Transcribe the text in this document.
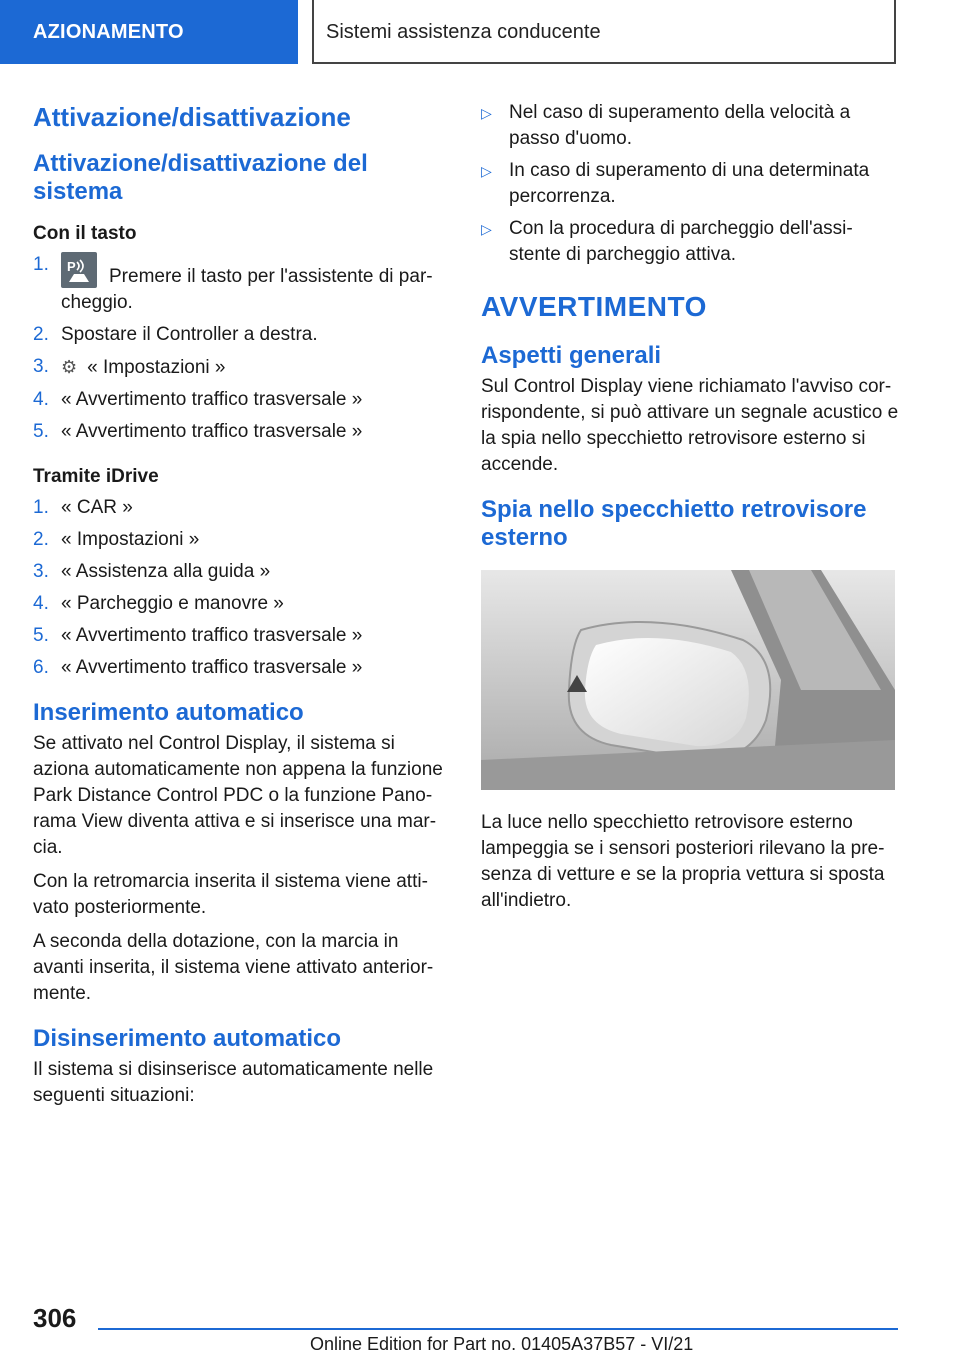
AZIONAMENTO	Sistemi assistenza conducente
Attivazione/disattivazione
Attivazione/disattivazione del sistema
Con il tasto
1. P Premere il tasto per l'assistente di par-cheggio.
2. Spostare il Controller a destra.
3. ⚙ « Impostazioni »
4. « Avvertimento traffico trasversale »
5. « Avvertimento traffico trasversale »
Tramite iDrive
1. « CAR »
2. « Impostazioni »
3. « Assistenza alla guida »
4. « Parcheggio e manovre »
5. « Avvertimento traffico trasversale »
6. « Avvertimento traffico trasversale »
Inserimento automatico

Se attivato nel Control Display, il sistema si aziona automaticamente non appena la funzione Park Distance Control PDC o la funzione Pano-rama View diventa attiva e si inserisce una mar-cia.

Con la retromarcia inserita il sistema viene atti-vato posteriormente.

A seconda della dotazione, con la marcia in avanti inserita, il sistema viene attivato anterior-mente.

Disinserimento automatico

Il sistema si disinserisce automaticamente nelle seguenti situazioni:

▷ Nel caso di superamento della velocità a passo d'uomo.
▷ In caso di superamento di una determinata percorrenza.
▷ Con la procedura di parcheggio dell'assi-stente di parcheggio attiva.
AVVERTIMENTO
Aspetti generali

Sul Control Display viene richiamato l'avviso cor-rispondente, si può attivare un segnale acustico e la spia nello specchietto retrovisore esterno si accende.

Spia nello specchietto retrovisore esterno

La luce nello specchietto retrovisore esterno lampeggia se i sensori posteriori rilevano la pre-senza di vetture e se la propria vettura si sposta all'indietro.

306
Online Edition for Part no. 01405A37B57 - VI/21
